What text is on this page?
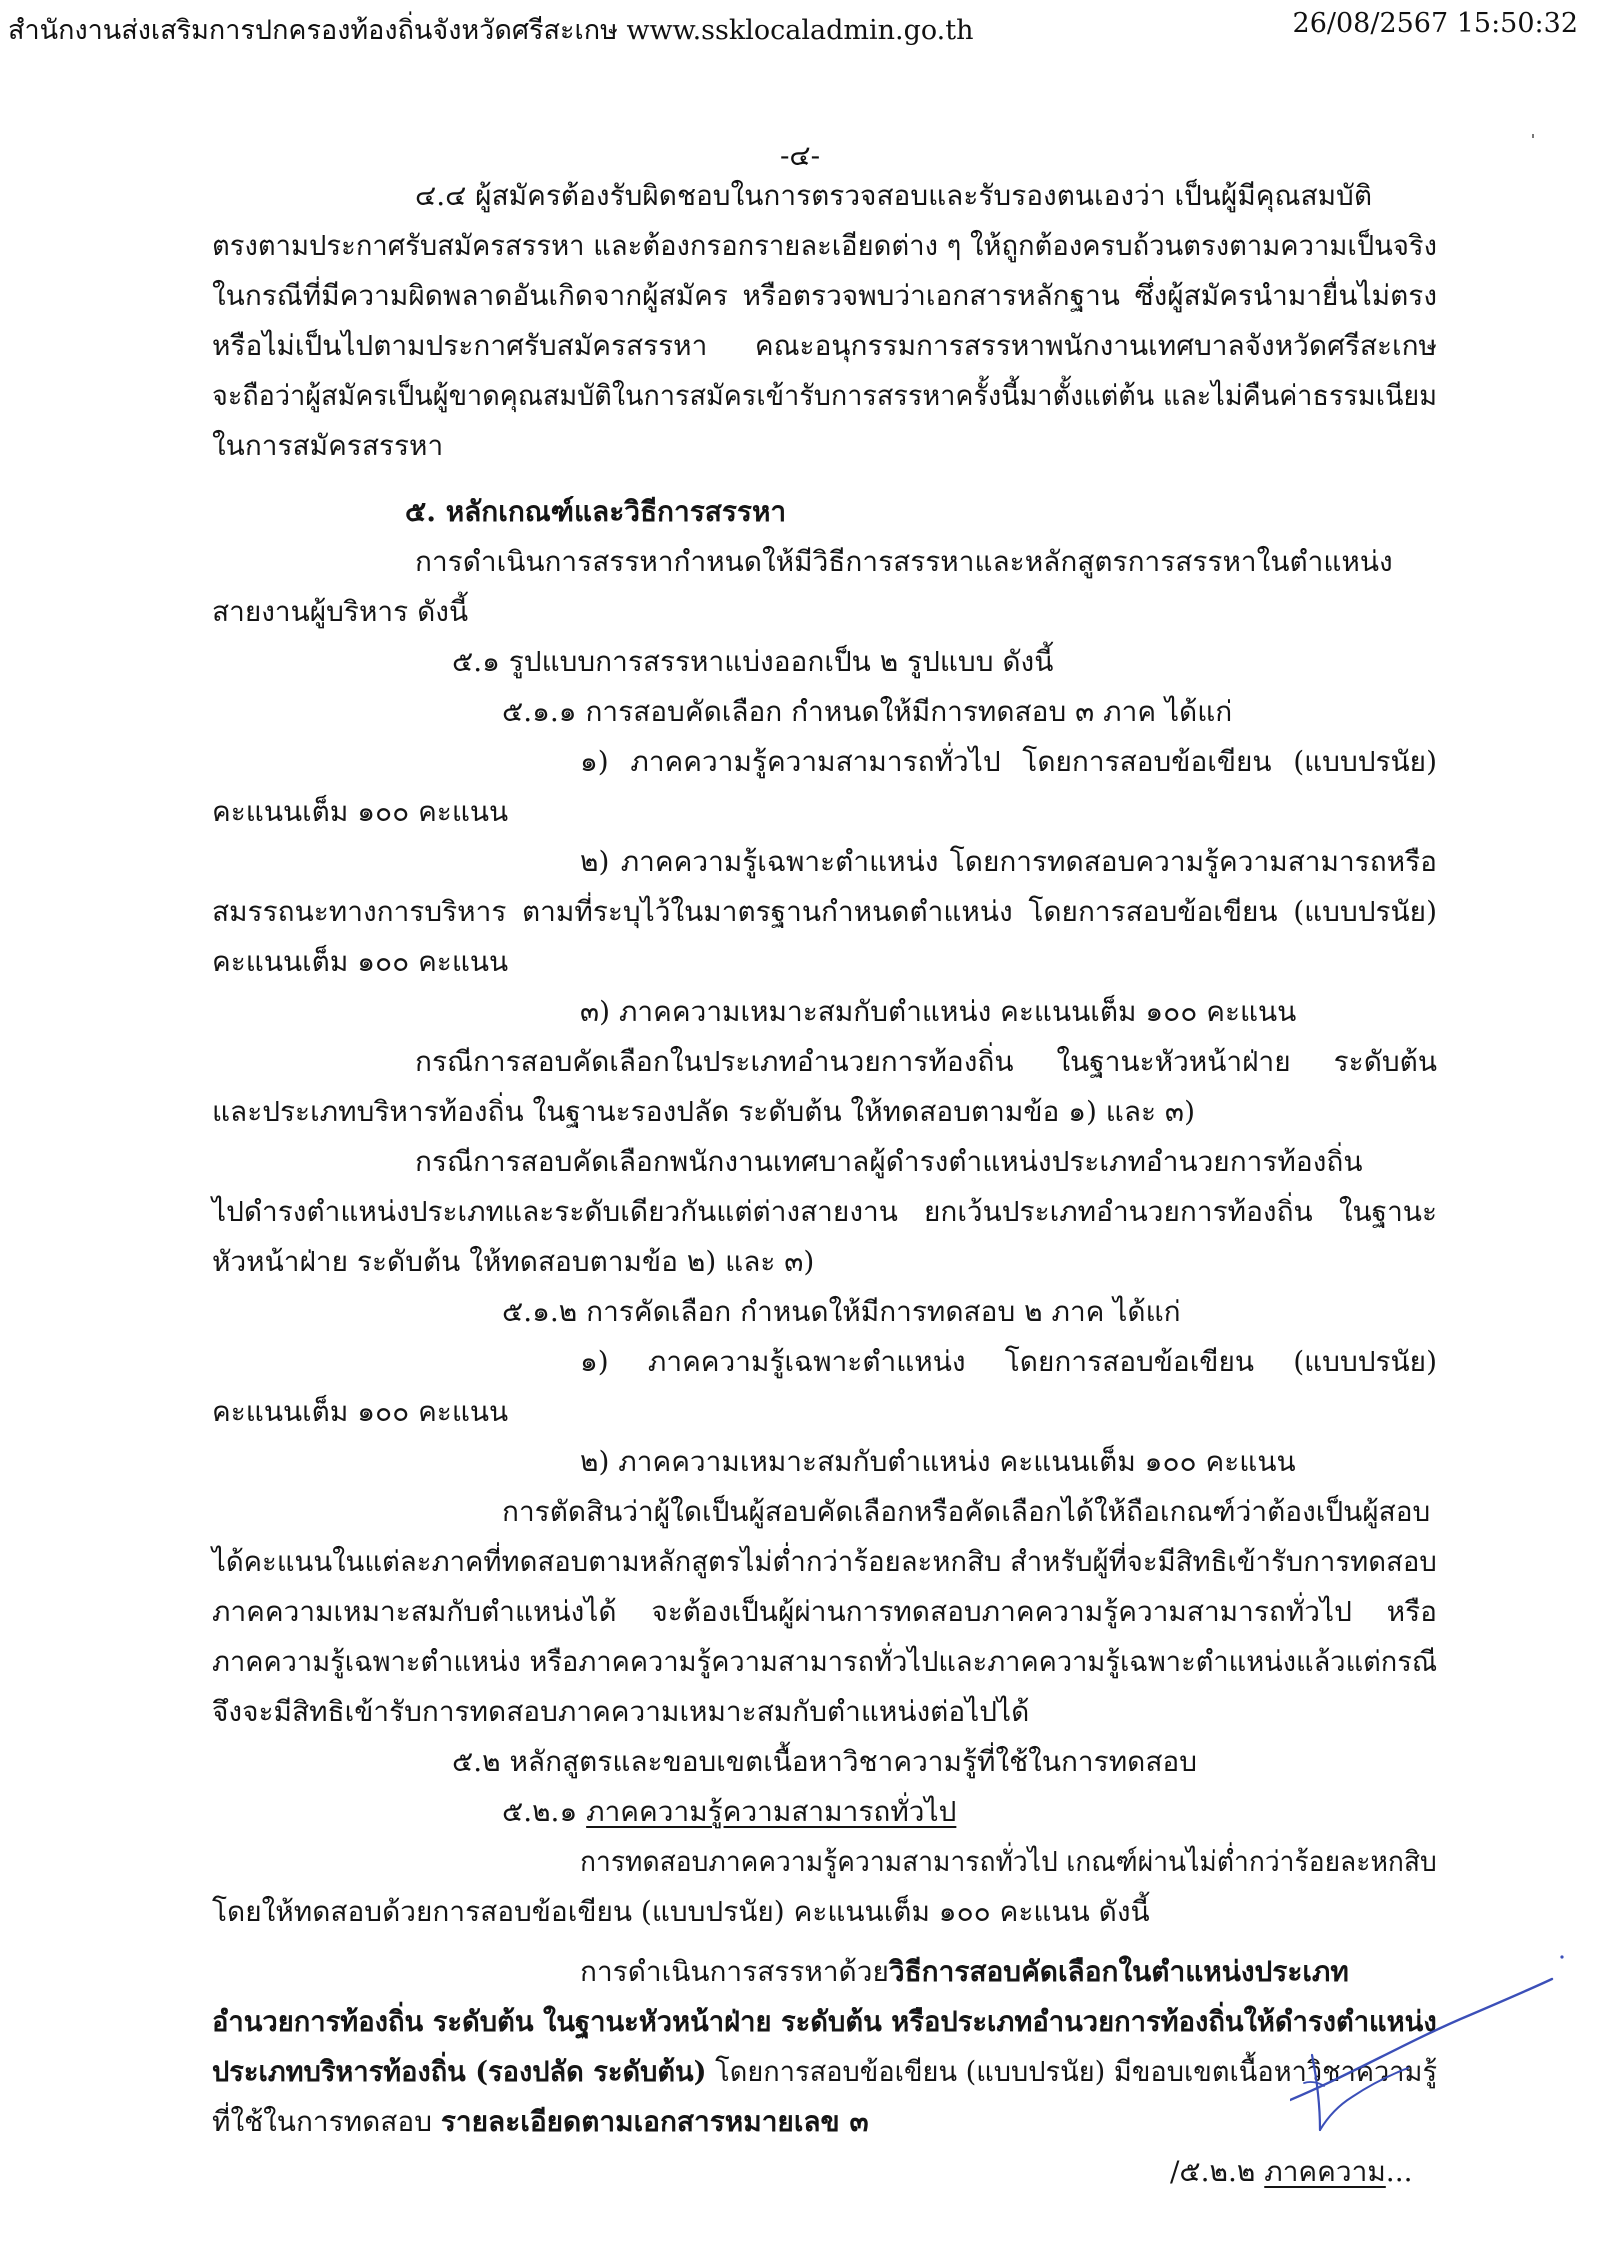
สำนักงานส่งเสริมการปกครองท้องถิ่นจังหวัดศรีสะเกษ www.ssklocaladmin.go.th	26/08/2567 15:50:32
-๔-
๔.๔ ผู้สมัครต้องรับผิดชอบในการตรวจสอบและรับรองตนเองว่า เป็นผู้มีคุณสมบัติ
ตรงตามประกาศรับสมัครสรรหา และต้องกรอกรายละเอียดต่าง ๆ ให้ถูกต้องครบถ้วนตรงตามความเป็นจริง
ในกรณีที่มีความผิดพลาดอันเกิดจากผู้สมัคร หรือตรวจพบว่าเอกสารหลักฐาน ซึ่งผู้สมัครนำมายื่นไม่ตรง
หรือไม่เป็นไปตามประกาศรับสมัครสรรหา คณะอนุกรรมการสรรหาพนักงานเทศบาลจังหวัดศรีสะเกษ
จะถือว่าผู้สมัครเป็นผู้ขาดคุณสมบัติในการสมัครเข้ารับการสรรหาครั้งนี้มาตั้งแต่ต้น และไม่คืนค่าธรรมเนียม
ในการสมัครสรรหา
๕. หลักเกณฑ์และวิธีการสรรหา
การดำเนินการสรรหากำหนดให้มีวิธีการสรรหาและหลักสูตรการสรรหาในตำแหน่ง
สายงานผู้บริหาร ดังนี้
๕.๑ รูปแบบการสรรหาแบ่งออกเป็น ๒ รูปแบบ ดังนี้
๕.๑.๑ การสอบคัดเลือก กำหนดให้มีการทดสอบ ๓ ภาค ได้แก่
๑) ภาคความรู้ความสามารถทั่วไป โดยการสอบข้อเขียน (แบบปรนัย)
คะแนนเต็ม ๑๐๐ คะแนน
๒) ภาคความรู้เฉพาะตำแหน่ง โดยการทดสอบความรู้ความสามารถหรือ
สมรรถนะทางการบริหาร ตามที่ระบุไว้ในมาตรฐานกำหนดตำแหน่ง โดยการสอบข้อเขียน (แบบปรนัย)
คะแนนเต็ม ๑๐๐ คะแนน
๓) ภาคความเหมาะสมกับตำแหน่ง คะแนนเต็ม ๑๐๐ คะแนน
กรณีการสอบคัดเลือกในประเภทอำนวยการท้องถิ่น ในฐานะหัวหน้าฝ่าย ระดับต้น
และประเภทบริหารท้องถิ่น ในฐานะรองปลัด ระดับต้น ให้ทดสอบตามข้อ ๑) และ ๓)
กรณีการสอบคัดเลือกพนักงานเทศบาลผู้ดำรงตำแหน่งประเภทอำนวยการท้องถิ่น
ไปดำรงตำแหน่งประเภทและระดับเดียวกันแต่ต่างสายงาน ยกเว้นประเภทอำนวยการท้องถิ่น ในฐานะ
หัวหน้าฝ่าย ระดับต้น ให้ทดสอบตามข้อ ๒) และ ๓)
๕.๑.๒ การคัดเลือก กำหนดให้มีการทดสอบ ๒ ภาค ได้แก่
๑) ภาคความรู้เฉพาะตำแหน่ง โดยการสอบข้อเขียน (แบบปรนัย)
คะแนนเต็ม ๑๐๐ คะแนน
๒) ภาคความเหมาะสมกับตำแหน่ง คะแนนเต็ม ๑๐๐ คะแนน
การตัดสินว่าผู้ใดเป็นผู้สอบคัดเลือกหรือคัดเลือกได้ให้ถือเกณฑ์ว่าต้องเป็นผู้สอบ
ได้คะแนนในแต่ละภาคที่ทดสอบตามหลักสูตรไม่ต่ำกว่าร้อยละหกสิบ สำหรับผู้ที่จะมีสิทธิเข้ารับการทดสอบ
ภาคความเหมาะสมกับตำแหน่งได้ จะต้องเป็นผู้ผ่านการทดสอบภาคความรู้ความสามารถทั่วไป หรือ
ภาคความรู้เฉพาะตำแหน่ง หรือภาคความรู้ความสามารถทั่วไปและภาคความรู้เฉพาะตำแหน่งแล้วแต่กรณี
จึงจะมีสิทธิเข้ารับการทดสอบภาคความเหมาะสมกับตำแหน่งต่อไปได้
๕.๒ หลักสูตรและขอบเขตเนื้อหาวิชาความรู้ที่ใช้ในการทดสอบ
๕.๒.๑ ภาคความรู้ความสามารถทั่วไป
การทดสอบภาคความรู้ความสามารถทั่วไป เกณฑ์ผ่านไม่ต่ำกว่าร้อยละหกสิบ
โดยให้ทดสอบด้วยการสอบข้อเขียน (แบบปรนัย) คะแนนเต็ม ๑๐๐ คะแนน ดังนี้
การดำเนินการสรรหาด้วยวิธีการสอบคัดเลือกในตำแหน่งประเภท
อำนวยการท้องถิ่น ระดับต้น ในฐานะหัวหน้าฝ่าย ระดับต้น หรือประเภทอำนวยการท้องถิ่นให้ดำรงตำแหน่ง
ประเภทบริหารท้องถิ่น (รองปลัด ระดับต้น) โดยการสอบข้อเขียน (แบบปรนัย) มีขอบเขตเนื้อหาวิชาความรู้
ที่ใช้ในการทดสอบ รายละเอียดตามเอกสารหมายเลข ๓
/๕.๒.๒ ภาคความ...
